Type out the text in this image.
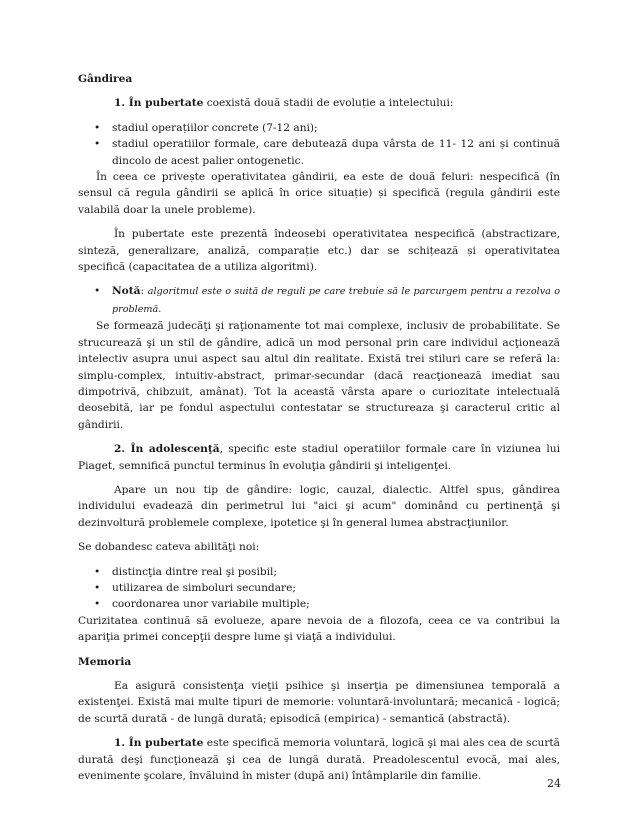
Gândirea

1. În pubertate coexistă două stadii de evoluție a intelectului:

• stadiul operațiilor concrete (7-12 ani);
• stadiul operatiilor formale, care debutează dupa vârsta de 11- 12 ani și continuă dincolo de acest palier ontogenetic.

În ceea ce privește operativitatea gândirii, ea este de două feluri: nespecifică (în sensul că regula gândirii se aplică în orice situație) și specifică (regula gândirii este valabilă doar la unele probleme).

În pubertate este prezentă îndeosebi operativitatea nespecifică (abstractizare, sinteză, generalizare, analiză, comparație etc.) dar se schițează și operativitatea specifică (capacitatea de a utiliza algoritmi).

• Notă: algoritmul este o suită de reguli pe care trebuie să le parcurgem pentru a rezolva o problemă.

Se formează judecăţi şi raţionamente tot mai complexe, inclusiv de probabilitate. Se strucurează şi un stil de gândire, adică un mod personal prin care individul acţionează intelectiv asupra unui aspect sau altul din realitate. Există trei stiluri care se referă la: simplu-complex, intuitiv-abstract, primar-secundar (dacă reacţionează imediat sau dimpotrivă, chibzuit, amânat). Tot la această vârsta apare o curiozitate intelectuală deosebită, iar pe fondul aspectului contestatar se structureaza şi caracterul critic al gândirii.

2. În adolescenţă, specific este stadiul operatiilor formale care în viziunea lui Piaget, semnifică punctul terminus în evoluţia gândirii şi inteligenţei.

Apare un nou tip de gândire: logic, cauzal, dialectic. Altfel spus, gândirea individului evadează din perimetrul lui "aici şi acum" dominând cu pertinenţă şi dezinvoltură problemele complexe, ipotetice şi în general lumea abstracţiunilor.

Se dobandesc cateva abilităţi noi:

• distincţia dintre real şi posibil;
• utilizarea de simboluri secundare;
• coordonarea unor variabile multiple;

Curizitatea continuă să evolueze, apare nevoia de a filozofa, ceea ce va contribui la apariţia primei concepţii despre lume şi viaţă a individului.

Memoria

Ea asigură consistenţa vieţii psihice şi inserţia pe dimensiunea temporală a existenţei. Există mai multe tipuri de memorie: voluntară-involuntară; mecanică - logică; de scurtă durată - de lungă durată; episodică (empirica) - semantică (abstractă).

1. În pubertate este specifică memoria voluntară, logică şi mai ales cea de scurtă durată deşi funcţionează şi cea de lungă durată. Preadolescentul evocă, mai ales, evenimente şcolare, învăluind în mister (după ani) întâmplarile din familie.

24
